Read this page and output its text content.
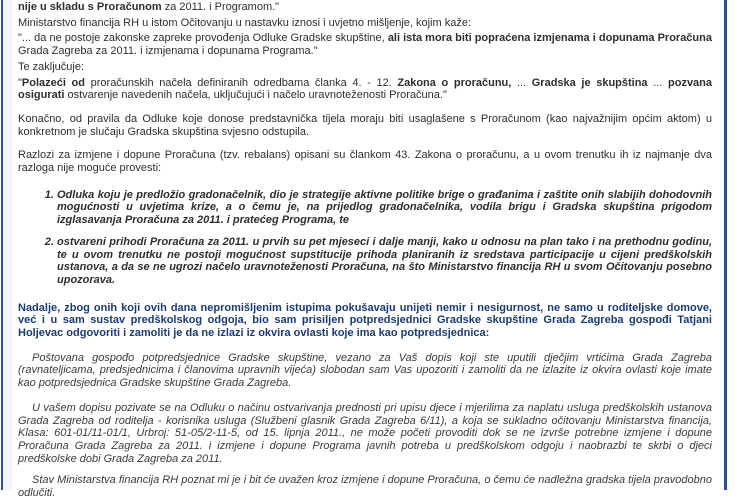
nije u skladu s Proračunom za 2011. i Programom."

Ministarstvo financija RH u istom Očitovanju u nastavku iznosi i uvjetno mišljenje, kojim kaže:

"... da ne postoje zakonske zapreke provođenja Odluke Gradske skupštine, ali ista mora biti popraćena izmjenama i dopunama Proračuna Grada Zagreba za 2011. i izmjenama i dopunama Programa."

Te zaključuje:

"Polazeći od proračunskih načela definiranih odredbama članka 4. - 12. Zakona o proračunu, ... Gradska je skupština ... pozvana osigurati ostvarenje navedenih načela, uključujući i načelo uravnoteženosti Proračuna."

Konačno, od pravila da Odluke koje donose predstavnička tijela moraju biti usaglašene s Proračunom (kao najvažnijim općim aktom) u konkretnom je slučaju Gradska skupština svjesno odstupila.

Razlozi za izmjene i dopune Proračuna (tzv. rebalans) opisani su člankom 43. Zakona o proračunu, a u ovom trenutku ih iz najmanje dva razloga nije moguće provesti:

1. Odluka koju je predložio gradonačelnik, dio je strategije aktivne politike brige o građanima i zaštite onih slabijih dohodovnih mogućnosti u uvjetima krize, a o čemu je, na prijedlog gradonačelnika, vodila brigu i Gradska skupština prigodom izglasavanja Proračuna za 2011. i pratećeg Programa, te
2. ostvareni prihodi Proračuna za 2011. u prvih su pet mjeseci i dalje manji, kako u odnosu na plan tako i na prethodnu godinu, te u ovom trenutku ne postoji mogućnost supstitucije prihoda planiranih iz sredstava participacije u cijeni predškolskih ustanova, a da se ne ugrozi načelo uravnoteženosti Proračuna, na što Ministarstvo financija RH u svom Očitovanju posebno upozorava.

Nadalje, zbog onih koji ovih dana nepromišljenim istupima pokušavaju unijeti nemir i nesigurnost, ne samo u roditeljske domove, već i u sam sustav predškolskog odgoja, bio sam prisiljen potpredsjednici Gradske skupštine Grada Zagreba gospođi Tatjani Holjevac odgovoriti i zamoliti je da ne izlazi iz okvira ovlasti koje ima kao potpredsjednica:

Poštovana gospođo potpredsjednice Gradske skupštine, vezano za Vaš dopis koji ste uputili dječjim vrtićima Grada Zagreba (ravnateljicama, predsjednicima i članovima upravnih vijeća) slobodan sam Vas upozoriti i zamoliti da ne izlazite iz okvira ovlasti koje imate kao potpredsjednica Gradske skupštine Grada Zagreba.

U vašem dopisu pozivate se na Odluku o načinu ostvarivanja prednosti pri upisu djece i mjerilima za naplatu usluga predškolskih ustanova Grada Zagreba od roditelja - korisnika usluga (Službeni glasnik Grada Zagreba 6/11), a koja se sukladno očitovanju Ministarstva financija, Klasa: 601-01/11-01/1, Urbroj: 51-05/2-11-5, od 15. lipnja 2011., ne može početi provoditi dok se ne izvrše potrebne izmjene i dopune Proračuna Grada Zagreba za 2011. i izmjene i dopune Programa javnih potreba u predškolskom odgoju i naobrazbi te skrbi o djeci predškolske dobi Grada Zagreba za 2011.

Stav Ministarstva financija RH poznat mi je i bit će uvažen kroz izmjene i dopune Proračuna, o čemu će nadležna gradska tijela pravodobno odlučiti.
